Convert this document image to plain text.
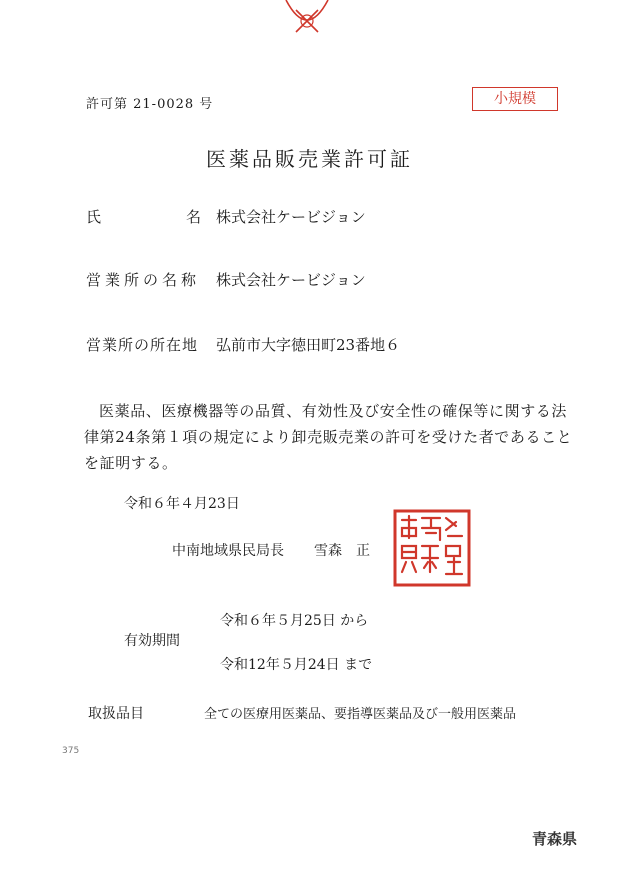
許可第 21-0028 号	小規模
医薬品販売業許可証
氏	名 株式会社ケービジョン
営業所の名称 株式会社ケービジョン
営業所の所在地 弘前市大字徳田町23番地６
医薬品、医療機器等の品質、有効性及び安全性の確保等に関する法律第24条第１項の規定により卸売販売業の許可を受けた者であることを証明する。
令和６年４月23日
中南地域県民局長 雪森　正
有効期間
令和６年５月25日 から
令和12年５月24日 まで
取扱品目	全ての医療用医薬品、要指導医薬品及び一般用医薬品
375
青森県
